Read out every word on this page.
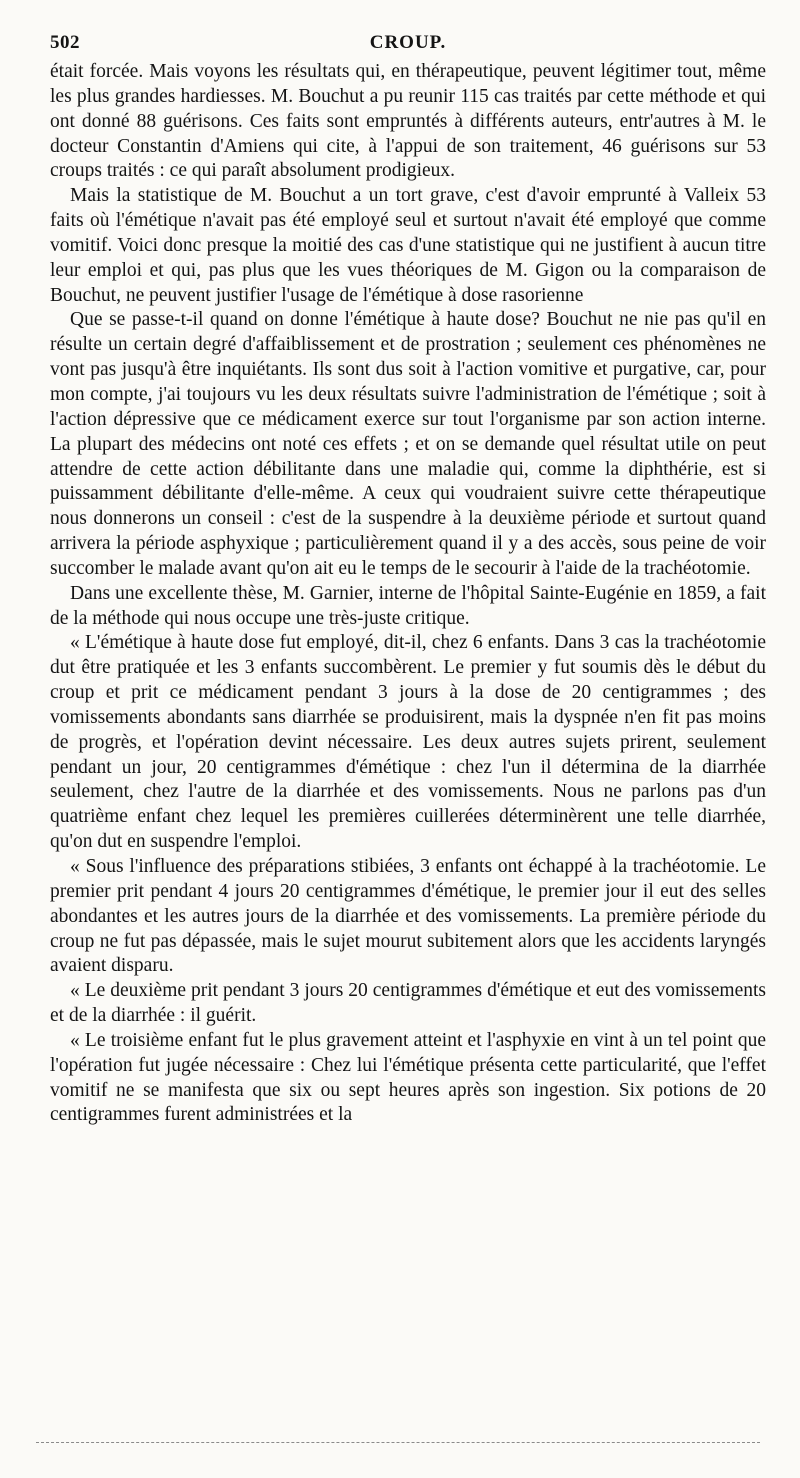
502	CROUP.

était forcée. Mais voyons les résultats qui, en thérapeutique, peuvent légitimer tout, même les plus grandes hardiesses. M. Bouchut a pu reunir 115 cas traités par cette méthode et qui ont donné 88 guérisons. Ces faits sont empruntés à différents auteurs, entr'autres à M. le docteur Constantin d'Amiens qui cite, à l'appui de son traitement, 46 guérisons sur 53 croups traités : ce qui paraît absolument prodigieux.

Mais la statistique de M. Bouchut a un tort grave, c'est d'avoir emprunté à Valleix 53 faits où l'émétique n'avait pas été employé seul et surtout n'avait été employé que comme vomitif. Voici donc presque la moitié des cas d'une statistique qui ne justifient à aucun titre leur emploi et qui, pas plus que les vues théoriques de M. Gigon ou la comparaison de Bouchut, ne peuvent justifier l'usage de l'émétique à dose rasorienne

Que se passe-t-il quand on donne l'émétique à haute dose? Bouchut ne nie pas qu'il en résulte un certain degré d'affaiblissement et de prostration ; seulement ces phénomènes ne vont pas jusqu'à être inquiétants. Ils sont dus soit à l'action vomitive et purgative, car, pour mon compte, j'ai toujours vu les deux résultats suivre l'administration de l'émétique ; soit à l'action dépressive que ce médicament exerce sur tout l'organisme par son action interne. La plupart des médecins ont noté ces effets ; et on se demande quel résultat utile on peut attendre de cette action débilitante dans une maladie qui, comme la diphthérie, est si puissamment débilitante d'elle-même. A ceux qui voudraient suivre cette thérapeutique nous donnerons un conseil : c'est de la suspendre à la deuxième période et surtout quand arrivera la période asphyxique ; particulièrement quand il y a des accès, sous peine de voir succomber le malade avant qu'on ait eu le temps de le secourir à l'aide de la trachéotomie.

Dans une excellente thèse, M. Garnier, interne de l'hôpital Sainte-Eugénie en 1859, a fait de la méthode qui nous occupe une très-juste critique.

« L'émétique à haute dose fut employé, dit-il, chez 6 enfants. Dans 3 cas la trachéotomie dut être pratiquée et les 3 enfants succombèrent. Le premier y fut soumis dès le début du croup et prit ce médicament pendant 3 jours à la dose de 20 centigrammes ; des vomissements abondants sans diarrhée se produisirent, mais la dyspnée n'en fit pas moins de progrès, et l'opération devint nécessaire. Les deux autres sujets prirent, seulement pendant un jour, 20 centigrammes d'émétique : chez l'un il détermina de la diarrhée seulement, chez l'autre de la diarrhée et des vomissements. Nous ne parlons pas d'un quatrième enfant chez lequel les premières cuillerées déterminèrent une telle diarrhée, qu'on dut en suspendre l'emploi.

« Sous l'influence des préparations stibiées, 3 enfants ont échappé à la trachéotomie. Le premier prit pendant 4 jours 20 centigrammes d'émétique, le premier jour il eut des selles abondantes et les autres jours de la diarrhée et des vomissements. La première période du croup ne fut pas dépassée, mais le sujet mourut subitement alors que les accidents laryngés avaient disparu.

« Le deuxième prit pendant 3 jours 20 centigrammes d'émétique et eut des vomissements et de la diarrhée : il guérit.

« Le troisième enfant fut le plus gravement atteint et l'asphyxie en vint à un tel point que l'opération fut jugée nécessaire : Chez lui l'émétique présenta cette particularité, que l'effet vomitif ne se manifesta que six ou sept heures après son ingestion. Six potions de 20 centigrammes furent administrées et la
